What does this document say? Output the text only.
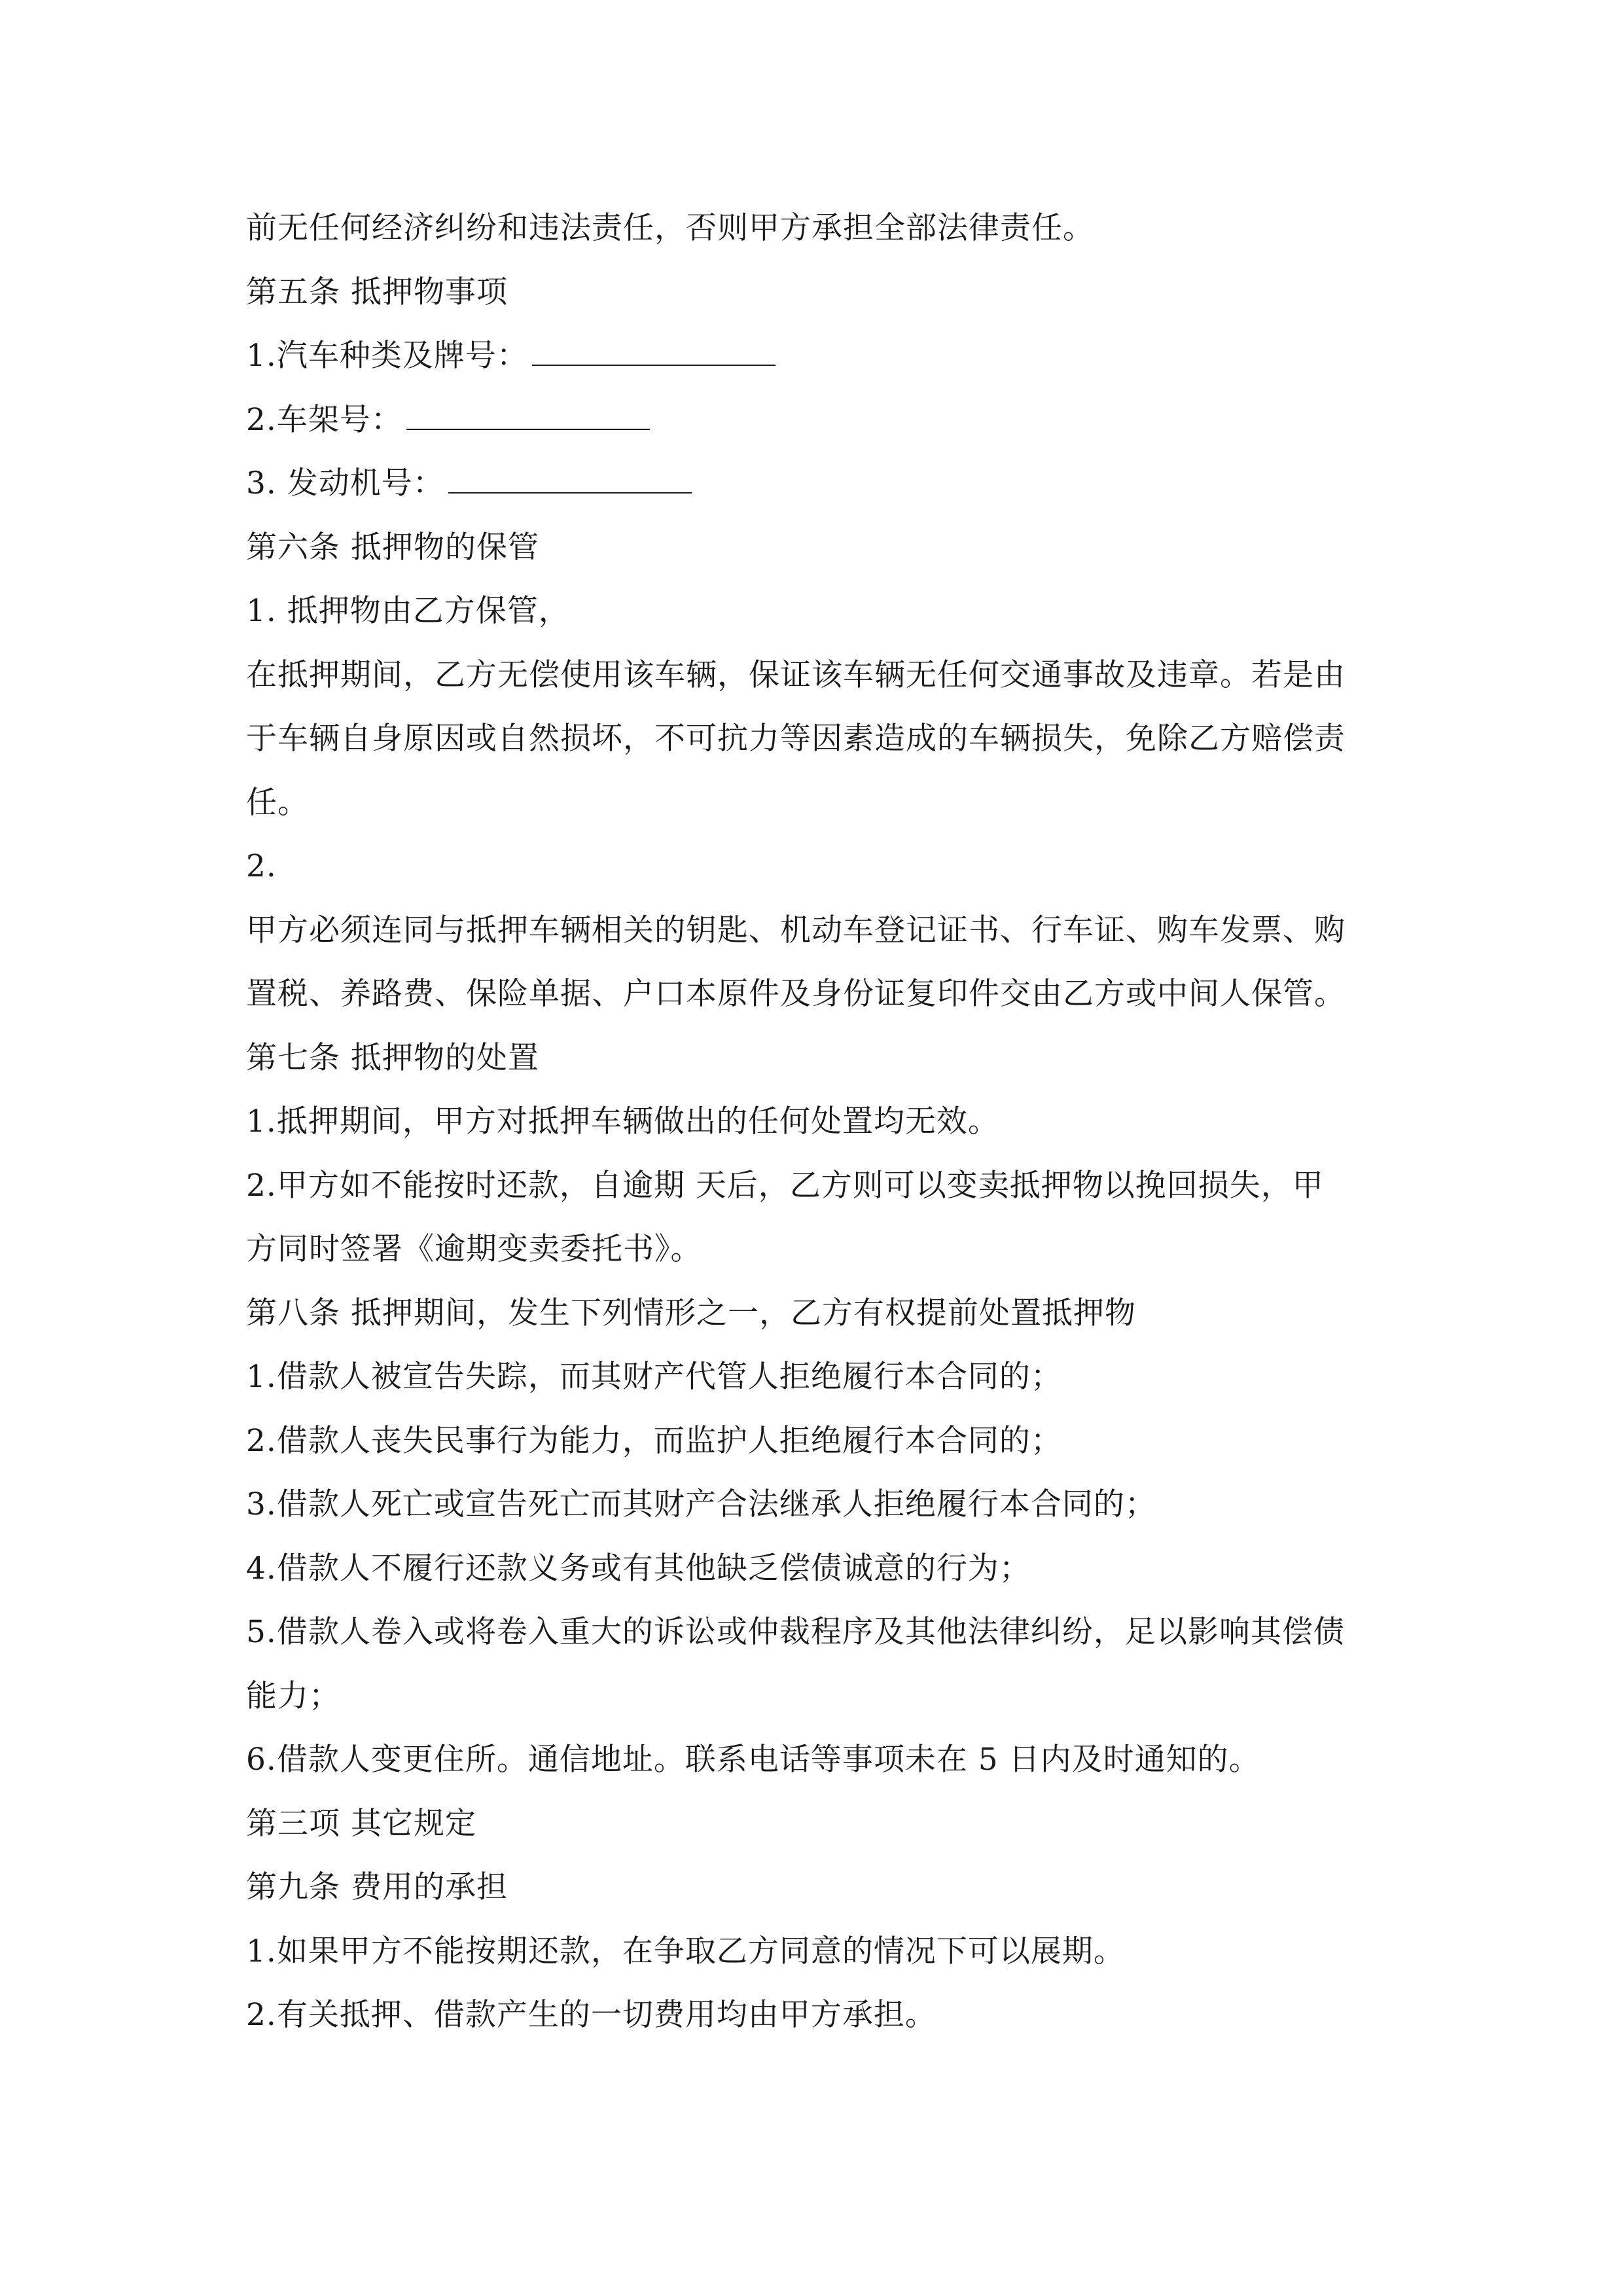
前无任何经济纠纷和违法责任，否则甲方承担全部法律责任。
第五条 抵押物事项
1.汽车种类及牌号：
2.车架号：
3. 发动机号：
第六条 抵押物的保管
1. 抵押物由乙方保管，
在抵押期间，乙方无偿使用该车辆，保证该车辆无任何交通事故及违章。若是由
于车辆自身原因或自然损坏，不可抗力等因素造成的车辆损失，免除乙方赔偿责
任。
2.
甲方必须连同与抵押车辆相关的钥匙、机动车登记证书、行车证、购车发票、购
置税、养路费、保险单据、户口本原件及身份证复印件交由乙方或中间人保管。
第七条 抵押物的处置
1.抵押期间，甲方对抵押车辆做出的任何处置均无效。
2.甲方如不能按时还款，自逾期 天后，乙方则可以变卖抵押物以挽回损失，甲
方同时签署《逾期变卖委托书》。
第八条 抵押期间，发生下列情形之一，乙方有权提前处置抵押物
1.借款人被宣告失踪，而其财产代管人拒绝履行本合同的；
2.借款人丧失民事行为能力，而监护人拒绝履行本合同的；
3.借款人死亡或宣告死亡而其财产合法继承人拒绝履行本合同的；
4.借款人不履行还款义务或有其他缺乏偿债诚意的行为；
5.借款人卷入或将卷入重大的诉讼或仲裁程序及其他法律纠纷，足以影响其偿债
能力；
6.借款人变更住所。通信地址。联系电话等事项未在 5 日内及时通知的。
第三项 其它规定
第九条 费用的承担
1.如果甲方不能按期还款，在争取乙方同意的情况下可以展期。
2.有关抵押、借款产生的一切费用均由甲方承担。
